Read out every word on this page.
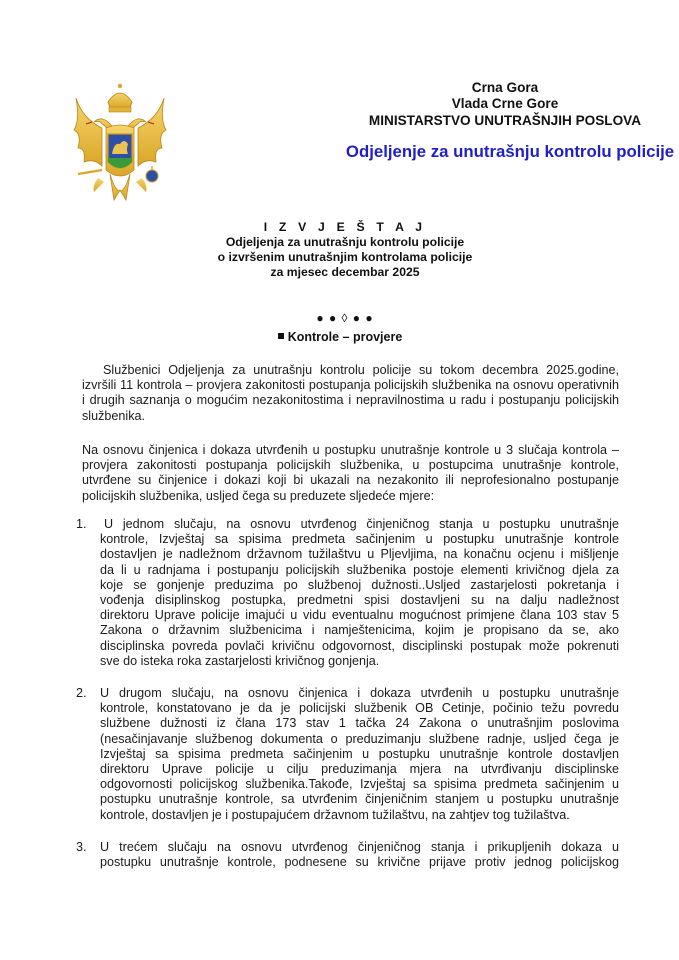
Crna Gora
Vlada Crne Gore
MINISTARSTVO UNUTRAŠNJIH POSLOVA
Odjeljenje za unutrašnju kontrolu policije
I Z V J E Š T A J
Odjeljenja za unutrašnju kontrolu policije
o izvršenim unutrašnjim kontrolama policije
za mjesec decembar 2025
● ● ◊ ● ●
Kontrole – provjere
Službenici Odjeljenja za unutrašnju kontrolu policije su tokom decembra 2025.godine,
izvršili 11 kontrola – provjera zakonitosti postupanja policijskih službenika na osnovu operativnih
i drugih saznanja o mogućim nezakonitostima i nepravilnostima u radu i postupanju policijskih
službenika.
Na osnovu činjenica i dokaza utvrđenih u postupku unutrašnje kontrole u 3 slučaja kontrola –
provjera zakonitosti postupanja policijskih službenika, u postupcima unutrašnje kontrole,
utvrđene su činjenice i dokazi koji bi ukazali na nezakonito ili neprofesionalno postupanje
policijskih službenika, usljed čega su preduzete sljedeće mjere:
1.	U jednom slučaju, na osnovu utvrđenog činjeničnog stanja u postupku unutrašnje
kontrole, Izvještaj sa spisima predmeta sačinjenim u postupku unutrašnje kontrole
dostavljen je nadležnom državnom tužilaštvu u Pljevljima, na konačnu ocjenu i mišljenje
da li u radnjama i postupanju policijskih službenika postoje elementi krivičnog djela za
koje se gonjenje preduzima po službenoj dužnosti..Usljed zastarjelosti pokretanja i
vođenja disiplinskog postupka, predmetni spisi dostavljeni su na dalju nadležnost
direktoru Uprave policije imajući u vidu eventualnu mogućnost primjene člana 103 stav 5
Zakona o državnim službenicima i namještenicima, kojim je propisano da se, ako
disciplinska povreda povlači krivičnu odgovornost, disciplinski postupak može pokrenuti
sve do isteka roka zastarjelosti krivičnog gonjenja.
2.	U drugom slučaju, na osnovu činjenica i dokaza utvrđenih u postupku unutrašnje
kontrole, konstatovano je da je policijski službenik OB Cetinje, počinio težu povredu
službene dužnosti iz člana 173 stav 1 tačka 24 Zakona o unutrašnjim poslovima
(nesačinjavanje službenog dokumenta o preduzimanju službene radnje, usljed čega je
Izvještaj sa spisima predmeta sačinjenim u postupku unutrašnje kontrole dostavljen
direktoru Uprave policije u cilju preduzimanja mjera na utvrđivanju disciplinske
odgovornosti policijskog službenika.Takođe, Izvještaj sa spisima predmeta sačinjenim u
postupku unutrašnje kontrole, sa utvrđenim činjeničnim stanjem u postupku unutrašnje
kontrole, dostavljen je i postupajućem državnom tužilaštvu, na zahtjev tog tužilaštva.
3.	U trećem slučaju na osnovu utvrđenog činjeničnog stanja i prikupljenih dokaza u
postupku unutrašnje kontrole, podnesene su krivične prijave protiv jednog policijskog
